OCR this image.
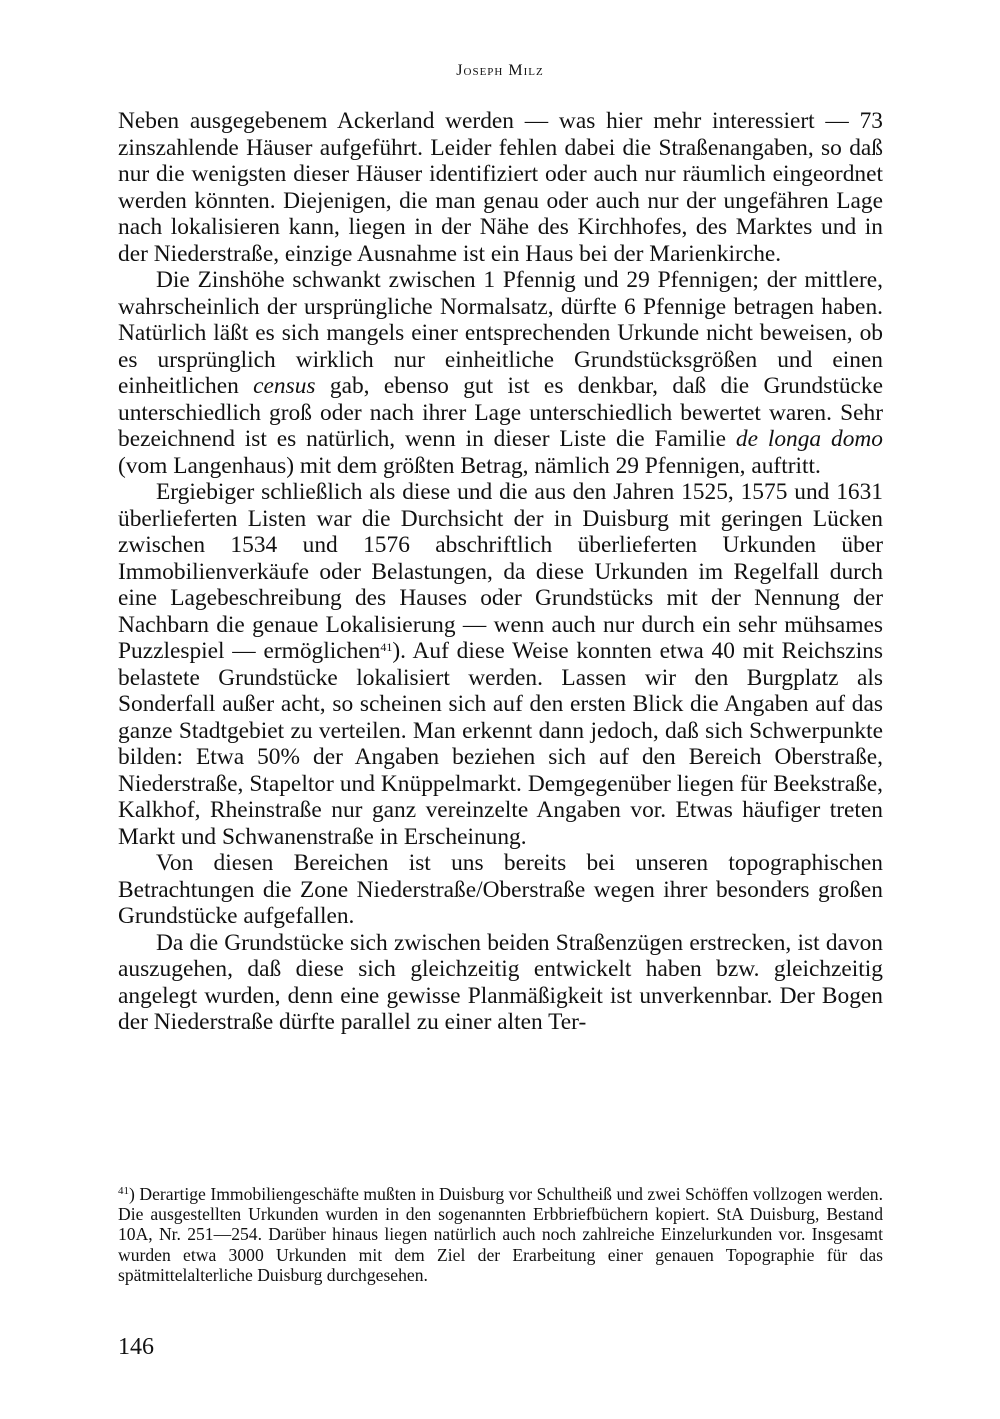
Joseph Milz

Neben ausgegebenem Ackerland werden — was hier mehr interessiert — 73 zinszahlende Häuser aufgeführt. Leider fehlen dabei die Straßenangaben, so daß nur die wenigsten dieser Häuser identifiziert oder auch nur räumlich eingeordnet werden könnten. Diejenigen, die man genau oder auch nur der ungefähren Lage nach lokalisieren kann, liegen in der Nähe des Kirchhofes, des Marktes und in der Niederstraße, einzige Ausnahme ist ein Haus bei der Marienkirche.

Die Zinshöhe schwankt zwischen 1 Pfennig und 29 Pfennigen; der mittlere, wahrscheinlich der ursprüngliche Normalsatz, dürfte 6 Pfennige betragen haben. Natürlich läßt es sich mangels einer entsprechenden Urkunde nicht beweisen, ob es ursprünglich wirklich nur einheitliche Grundstücksgrößen und einen einheitlichen census gab, ebenso gut ist es denkbar, daß die Grundstücke unterschiedlich groß oder nach ihrer Lage unterschiedlich bewertet waren. Sehr bezeichnend ist es natürlich, wenn in dieser Liste die Familie de longa domo (vom Langenhaus) mit dem größten Betrag, nämlich 29 Pfennigen, auftritt.

Ergiebiger schließlich als diese und die aus den Jahren 1525, 1575 und 1631 überlieferten Listen war die Durchsicht der in Duisburg mit geringen Lücken zwischen 1534 und 1576 abschriftlich überlieferten Urkunden über Immobilienverkäufe oder Belastungen, da diese Urkunden im Regelfall durch eine Lagebeschreibung des Hauses oder Grundstücks mit der Nennung der Nachbarn die genaue Lokalisierung — wenn auch nur durch ein sehr mühsames Puzzlespiel — ermöglichen$^{41}$). Auf diese Weise konnten etwa 40 mit Reichszins belastete Grundstücke lokalisiert werden. Lassen wir den Burgplatz als Sonderfall außer acht, so scheinen sich auf den ersten Blick die Angaben auf das ganze Stadtgebiet zu verteilen. Man erkennt dann jedoch, daß sich Schwerpunkte bilden: Etwa 50% der Angaben beziehen sich auf den Bereich Oberstraße, Niederstraße, Stapeltor und Knüppelmarkt. Demgegenüber liegen für Beekstraße, Kalkhof, Rheinstraße nur ganz vereinzelte Angaben vor. Etwas häufiger treten Markt und Schwanenstraße in Erscheinung.

Von diesen Bereichen ist uns bereits bei unseren topographischen Betrachtungen die Zone Niederstraße/Oberstraße wegen ihrer besonders großen Grundstücke aufgefallen.

Da die Grundstücke sich zwischen beiden Straßenzügen erstrecken, ist davon auszugehen, daß diese sich gleichzeitig entwickelt haben bzw. gleichzeitig angelegt wurden, denn eine gewisse Planmäßigkeit ist unverkennbar. Der Bogen der Niederstraße dürfte parallel zu einer alten Ter-

$^{41}$) Derartige Immobiliengeschäfte mußten in Duisburg vor Schultheiß und zwei Schöffen vollzogen werden. Die ausgestellten Urkunden wurden in den sogenannten Erbbriefbüchern kopiert. StA Duisburg, Bestand 10A, Nr. 251—254. Darüber hinaus liegen natürlich auch noch zahlreiche Einzelurkunden vor. Insgesamt wurden etwa 3000 Urkunden mit dem Ziel der Erarbeitung einer genauen Topographie für das spätmittelalterliche Duisburg durchgesehen.
146
